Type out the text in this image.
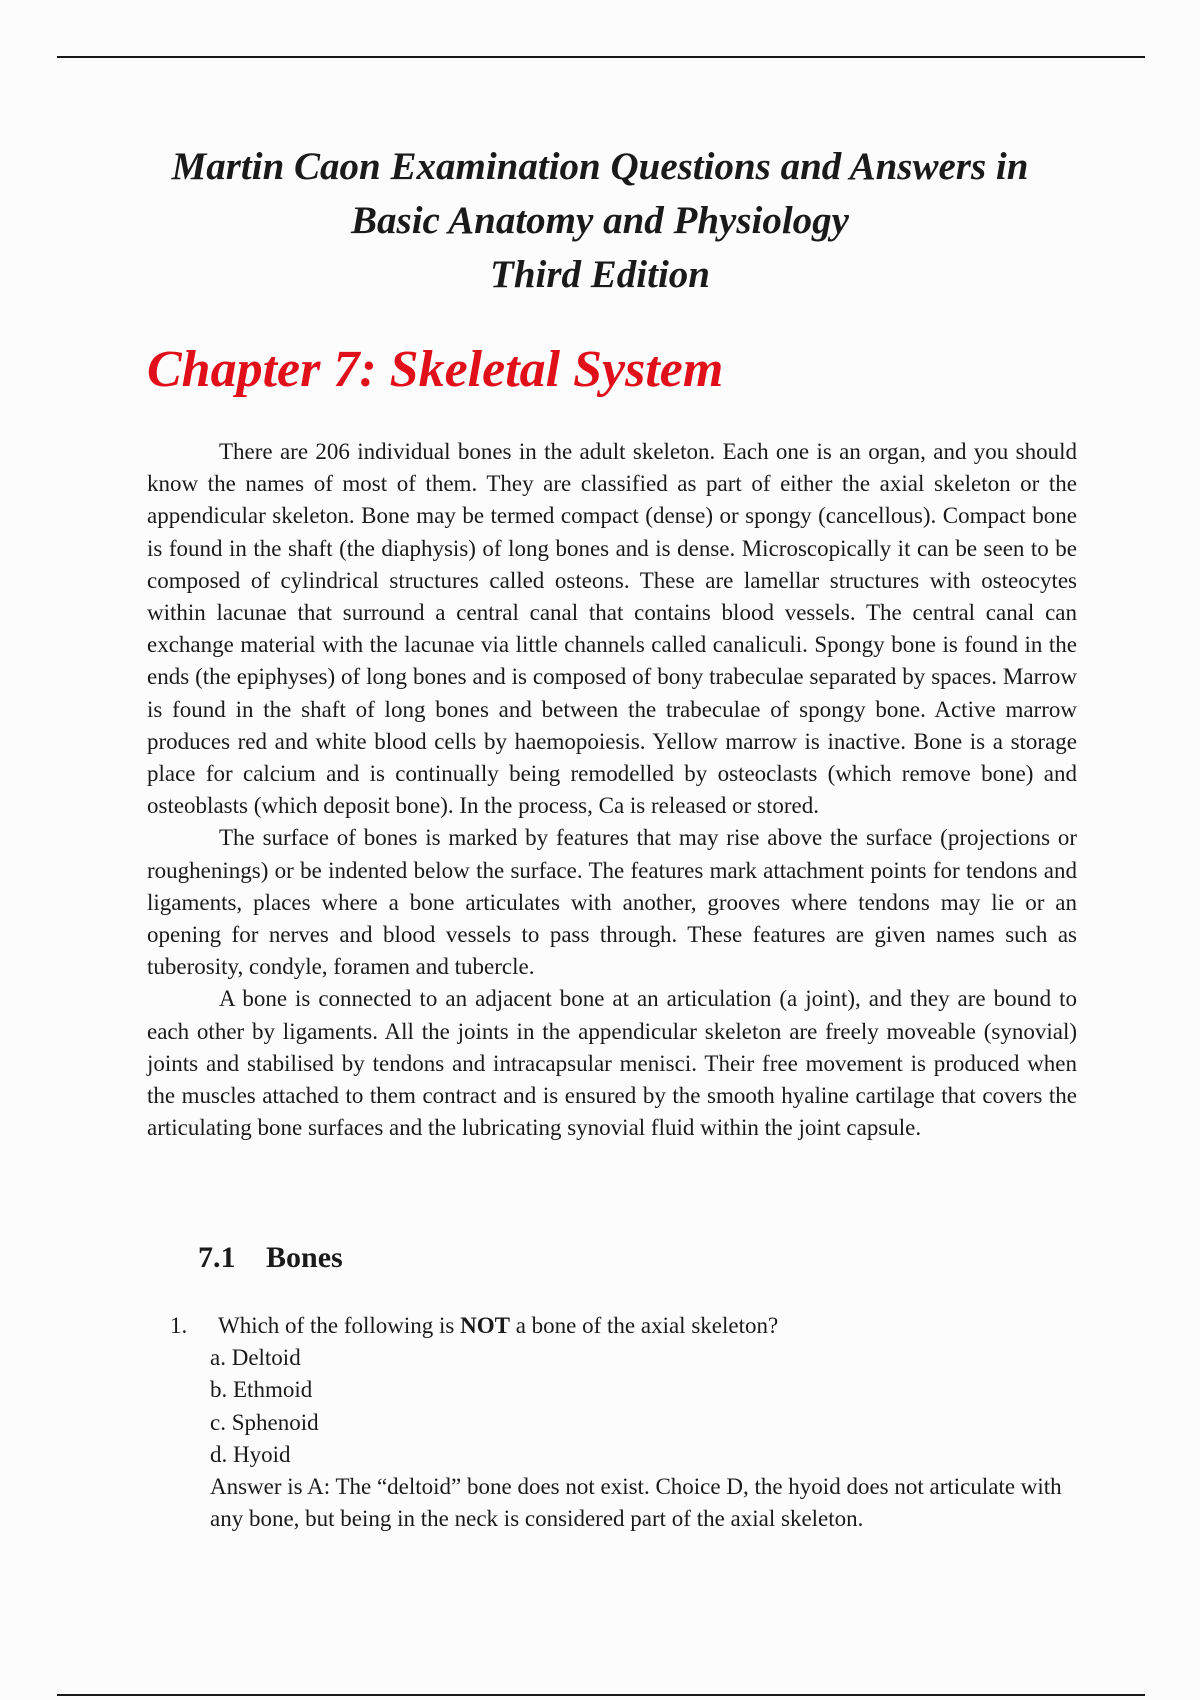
Martin Caon Examination Questions and Answers in
Basic Anatomy and Physiology
Third Edition
Chapter 7: Skeletal System

There are 206 individual bones in the adult skeleton. Each one is an organ, and you should know the names of most of them. They are classified as part of either the axial skeleton or the appendicular skeleton. Bone may be termed compact (dense) or spongy (cancellous). Compact bone is found in the shaft (the diaphysis) of long bones and is dense. Microscopically it can be seen to be composed of cylindrical structures called osteons. These are lamellar structures with osteocytes within lacunae that surround a central canal that contains blood vessels. The central canal can exchange material with the lacunae via little channels called canaliculi. Spongy bone is found in the ends (the epiphyses) of long bones and is composed of bony trabeculae separated by spaces. Marrow is found in the shaft of long bones and between the trabeculae of spongy bone. Active marrow produces red and white blood cells by haemopoiesis. Yellow marrow is inactive. Bone is a storage place for calcium and is continually being remodelled by osteoclasts (which remove bone) and osteoblasts (which deposit bone). In the process, Ca is released or stored.

The surface of bones is marked by features that may rise above the surface (projections or roughenings) or be indented below the surface. The features mark attachment points for tendons and ligaments, places where a bone articulates with another, grooves where tendons may lie or an opening for nerves and blood vessels to pass through. These features are given names such as tuberosity, condyle, foramen and tubercle.

A bone is connected to an adjacent bone at an articulation (a joint), and they are bound to each other by ligaments. All the joints in the appendicular skeleton are freely moveable (synovial) joints and stabilised by tendons and intracapsular menisci. Their free movement is produced when the muscles attached to them contract and is ensured by the smooth hyaline cartilage that covers the articulating bone surfaces and the lubricating synovial fluid within the joint capsule.

7.1 Bones
1. Which of the following is NOT a bone of the axial skeleton?
a. Deltoid
b. Ethmoid
c. Sphenoid
d. Hyoid
Answer is A: The “deltoid” bone does not exist. Choice D, the hyoid does not articulate with any bone, but being in the neck is considered part of the axial skeleton.
